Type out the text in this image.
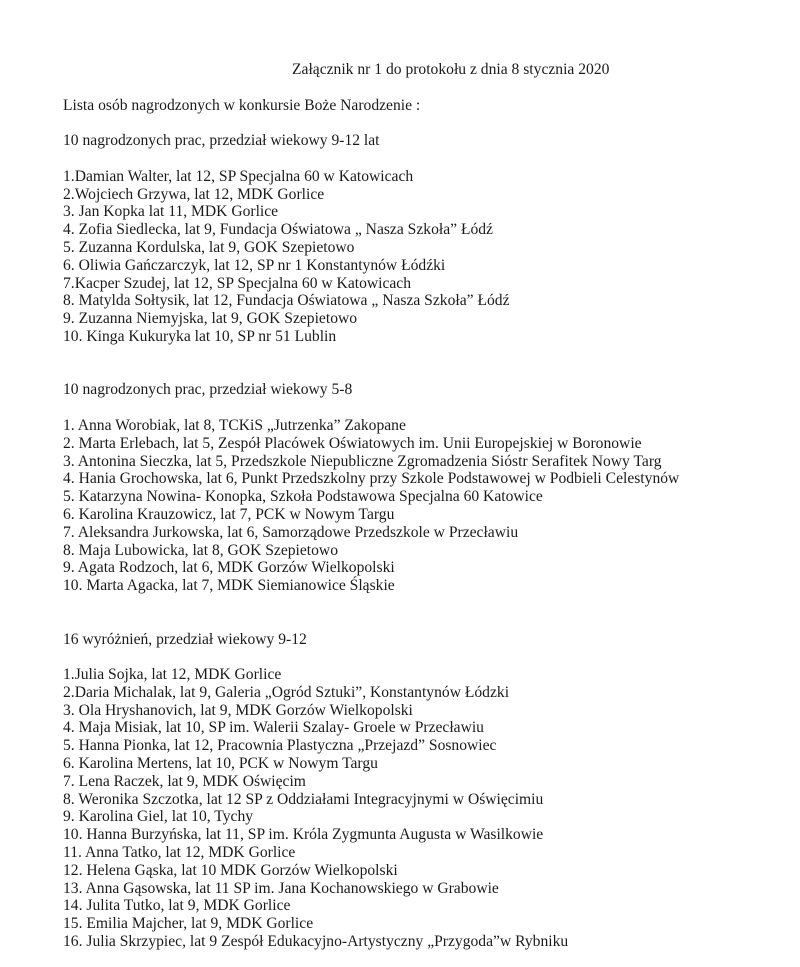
Załącznik nr 1 do protokołu z dnia 8 stycznia 2020
Lista osób nagrodzonych w konkursie Boże Narodzenie :
10 nagrodzonych prac, przedział wiekowy 9-12 lat
1.Damian Walter, lat 12, SP Specjalna 60 w Katowicach
2.Wojciech Grzywa, lat 12, MDK Gorlice
3. Jan Kopka lat 11, MDK Gorlice
4. Zofia Siedlecka, lat 9, Fundacja Oświatowa „ Nasza Szkoła” Łódź
5. Zuzanna Kordulska, lat 9, GOK Szepietowo
6. Oliwia Gańczarczyk, lat 12, SP nr 1 Konstantynów Łódźki
7.Kacper Szudej, lat 12, SP Specjalna 60 w Katowicach
8. Matylda Sołtysik, lat 12, Fundacja Oświatowa „ Nasza Szkoła” Łódź
9. Zuzanna Niemyjska, lat 9, GOK Szepietowo
10. Kinga Kukuryka lat 10, SP nr 51 Lublin
10 nagrodzonych prac, przedział wiekowy 5-8
1. Anna Worobiak, lat 8, TCKiS „Jutrzenka” Zakopane
2. Marta Erlebach, lat 5, Zespół Placówek Oświatowych im. Unii Europejskiej w Boronowie
3. Antonina Sieczka, lat 5, Przedszkole Niepubliczne Zgromadzenia Sióstr Serafitek Nowy Targ
4. Hania Grochowska, lat 6, Punkt Przedszkolny przy Szkole Podstawowej w Podbieli Celestynów
5. Katarzyna Nowina- Konopka, Szkoła Podstawowa Specjalna 60 Katowice
6. Karolina Krauzowicz, lat 7, PCK w Nowym Targu
7. Aleksandra Jurkowska, lat 6, Samorządowe Przedszkole w Przecławiu
8. Maja Lubowicka, lat 8, GOK Szepietowo
9. Agata Rodzoch, lat 6, MDK Gorzów Wielkopolski
10. Marta Agacka, lat 7, MDK Siemianowice Śląskie
16 wyróżnień, przedział wiekowy 9-12
1.Julia Sojka, lat 12, MDK Gorlice
2.Daria Michalak, lat 9, Galeria „Ogród Sztuki”, Konstantynów Łódzki
3. Ola Hryshanovich, lat 9, MDK Gorzów Wielkopolski
4. Maja Misiak, lat 10, SP im. Walerii Szalay- Groele w Przecławiu
5. Hanna Pionka, lat 12, Pracownia Plastyczna „Przejazd” Sosnowiec
6. Karolina Mertens, lat 10, PCK w Nowym Targu
7. Lena Raczek, lat 9, MDK Oświęcim
8. Weronika Szczotka, lat 12 SP z Oddziałami Integracyjnymi w Oświęcimiu
9. Karolina Giel, lat 10, Tychy
10. Hanna Burzyńska, lat 11, SP im. Króla Zygmunta Augusta w Wasilkowie
11. Anna Tatko, lat 12, MDK Gorlice
12. Helena Gąska, lat 10 MDK Gorzów Wielkopolski
13. Anna Gąsowska, lat 11 SP im. Jana Kochanowskiego w Grabowie
14. Julita Tutko, lat 9, MDK Gorlice
15. Emilia Majcher, lat 9, MDK Gorlice
16. Julia Skrzypiec, lat 9 Zespół Edukacyjno-Artystyczny „Przygoda”w Rybniku
